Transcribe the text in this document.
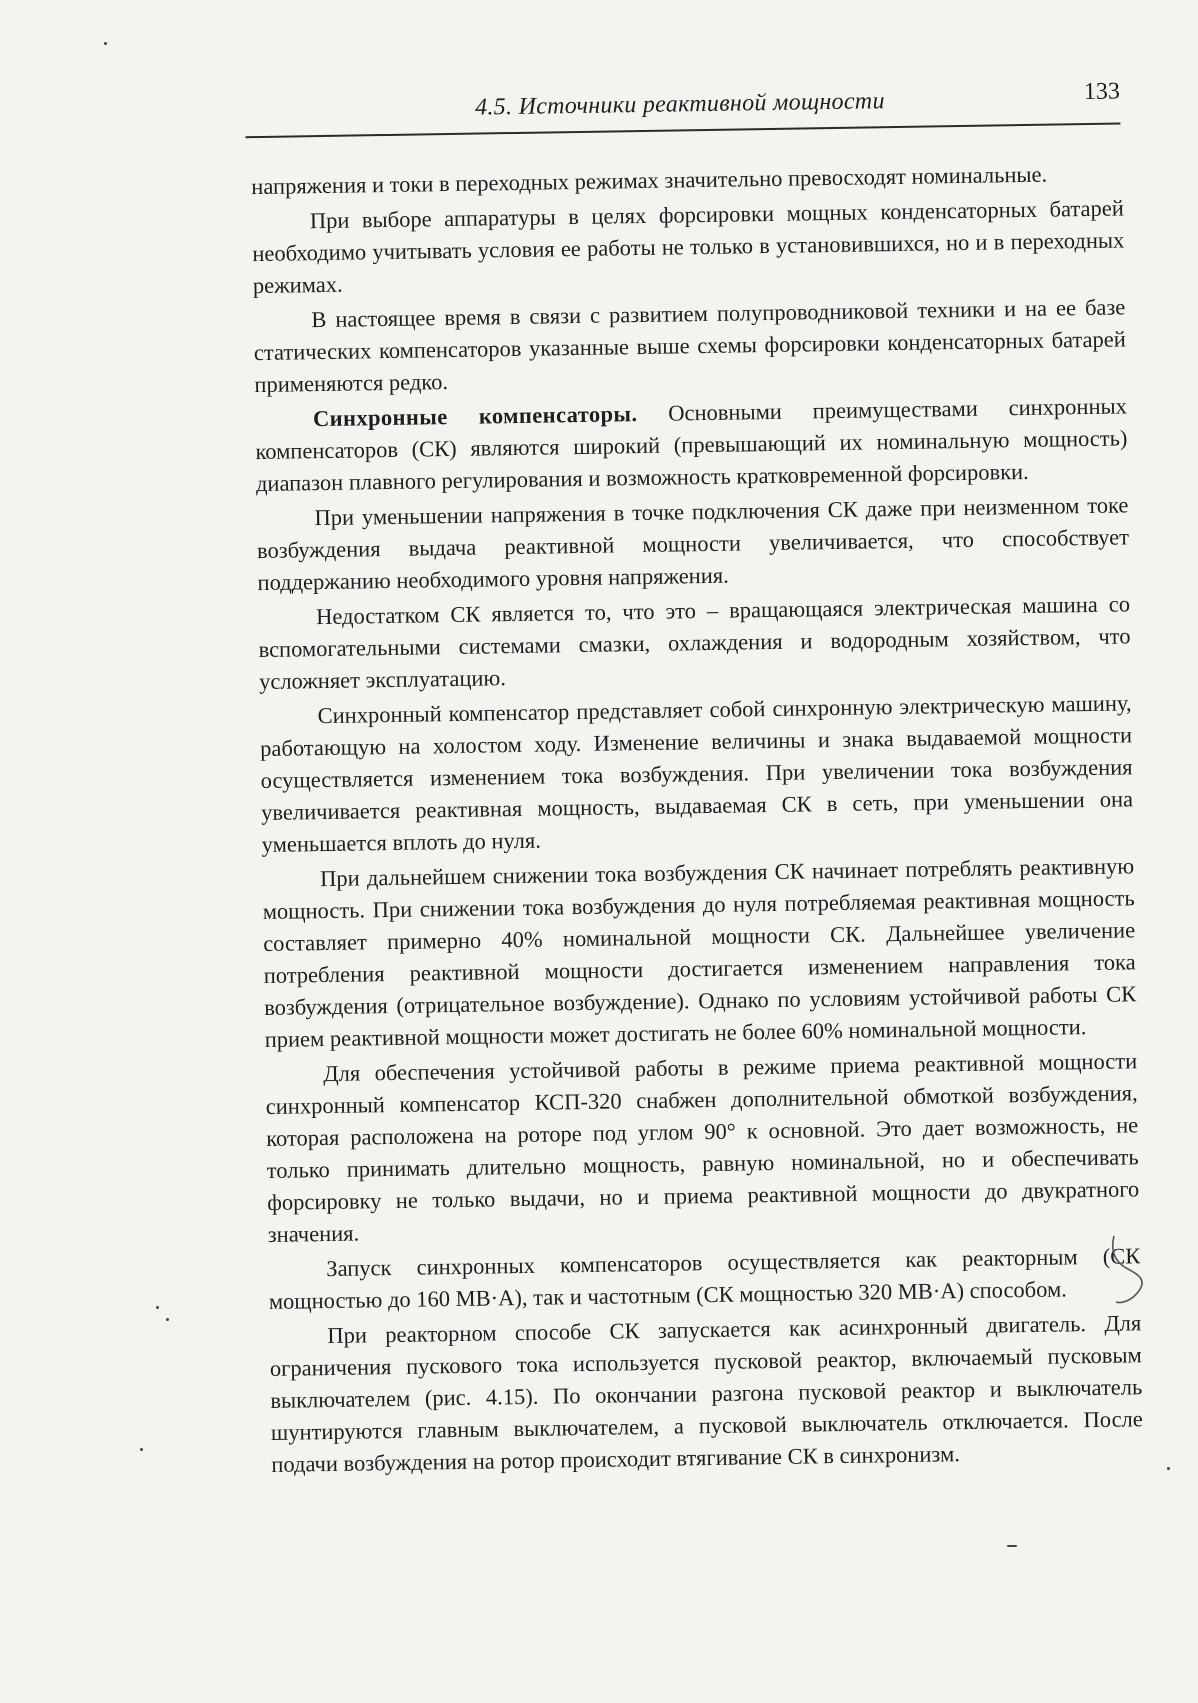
4.5. Источники реактивной мощности	133

напряжения и токи в переходных режимах значительно превосходят номинальные.

При выборе аппаратуры в целях форсировки мощных конденсаторных батарей необходимо учитывать условия ее работы не только в установившихся, но и в переходных режимах.

В настоящее время в связи с развитием полупроводниковой техники и на ее базе статических компенсаторов указанные выше схемы форсировки конденсаторных батарей применяются редко.

Синхронные компенсаторы. Основными преимуществами синхронных компенсаторов (СК) являются широкий (превышающий их номинальную мощность) диапазон плавного регулирования и возможность кратковременной форсировки.

При уменьшении напряжения в точке подключения СК даже при неизменном токе возбуждения выдача реактивной мощности увеличивается, что способствует поддержанию необходимого уровня напряжения.

Недостатком СК является то, что это – вращающаяся электрическая машина со вспомогательными системами смазки, охлаждения и водородным хозяйством, что усложняет эксплуатацию.

Синхронный компенсатор представляет собой синхронную электрическую машину, работающую на холостом ходу. Изменение величины и знака выдаваемой мощности осуществляется изменением тока возбуждения. При увеличении тока возбуждения увеличивается реактивная мощность, выдаваемая СК в сеть, при уменьшении она уменьшается вплоть до нуля.

При дальнейшем снижении тока возбуждения СК начинает потреблять реактивную мощность. При снижении тока возбуждения до нуля потребляемая реактивная мощность составляет примерно 40% номинальной мощности СК. Дальнейшее увеличение потребления реактивной мощности достигается изменением направления тока возбуждения (отрицательное возбуждение). Однако по условиям устойчивой работы СК прием реактивной мощности может достигать не более 60% номинальной мощности.

Для обеспечения устойчивой работы в режиме приема реактивной мощности синхронный компенсатор КСП-320 снабжен дополнительной обмоткой возбуждения, которая расположена на роторе под углом 90° к основной. Это дает возможность, не только принимать длительно мощность, равную номинальной, но и обеспечивать форсировку не только выдачи, но и приема реактивной мощности до двукратного значения.

Запуск синхронных компенсаторов осуществляется как реакторным (СК мощностью до 160 МВ·А), так и частотным (СК мощностью 320 МВ·А) способом.

При реакторном способе СК запускается как асинхронный двигатель. Для ограничения пускового тока используется пусковой реактор, включаемый пусковым выключателем (рис. 4.15). По окончании разгона пусковой реактор и выключатель шунтируются главным выключателем, а пусковой выключатель отключается. После подачи возбуждения на ротор происходит втягивание СК в синхронизм.
